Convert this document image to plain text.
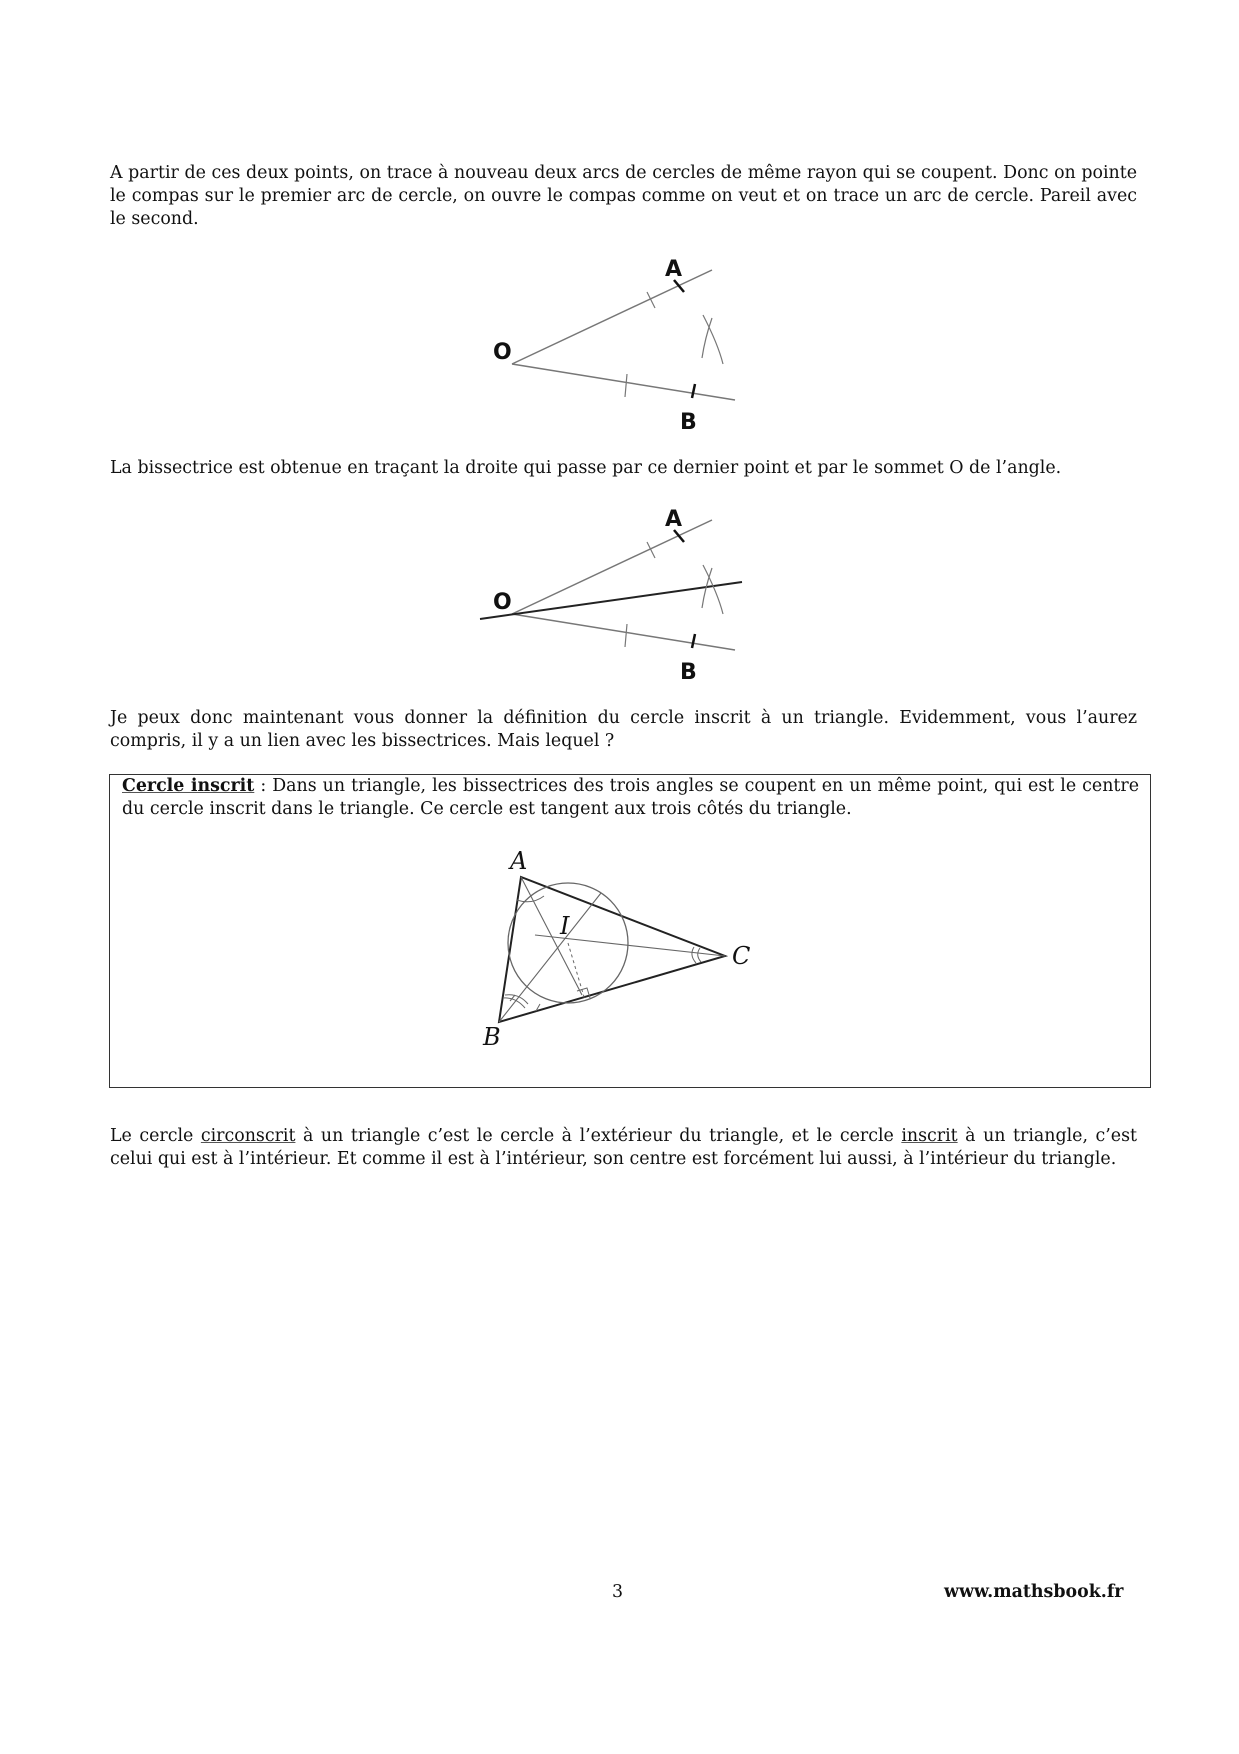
A partir de ces deux points, on trace à nouveau deux arcs de cercles de même rayon qui se coupent. Donc on pointe le compas sur le premier arc de cercle, on ouvre le compas comme on veut et on trace un arc de cercle. Pareil avec le second.

O
A
B

La bissectrice est obtenue en traçant la droite qui passe par ce dernier point et par le sommet O de l’angle.

O
A
B

Je peux donc maintenant vous donner la définition du cercle inscrit à un triangle. Evidemment, vous l’aurez compris, il y a un lien avec les bissectrices. Mais lequel ?

Cercle inscrit : Dans un triangle, les bissectrices des trois angles se coupent en un même point, qui est le centre du cercle inscrit dans le triangle. Ce cercle est tangent aux trois côtés du triangle.

A
B
C
I

Le cercle circonscrit à un triangle c’est le cercle à l’extérieur du triangle, et le cercle inscrit à un triangle, c’est celui qui est à l’intérieur. Et comme il est à l’intérieur, son centre est forcément lui aussi, à l’intérieur du triangle.

3	www.mathsbook.fr
